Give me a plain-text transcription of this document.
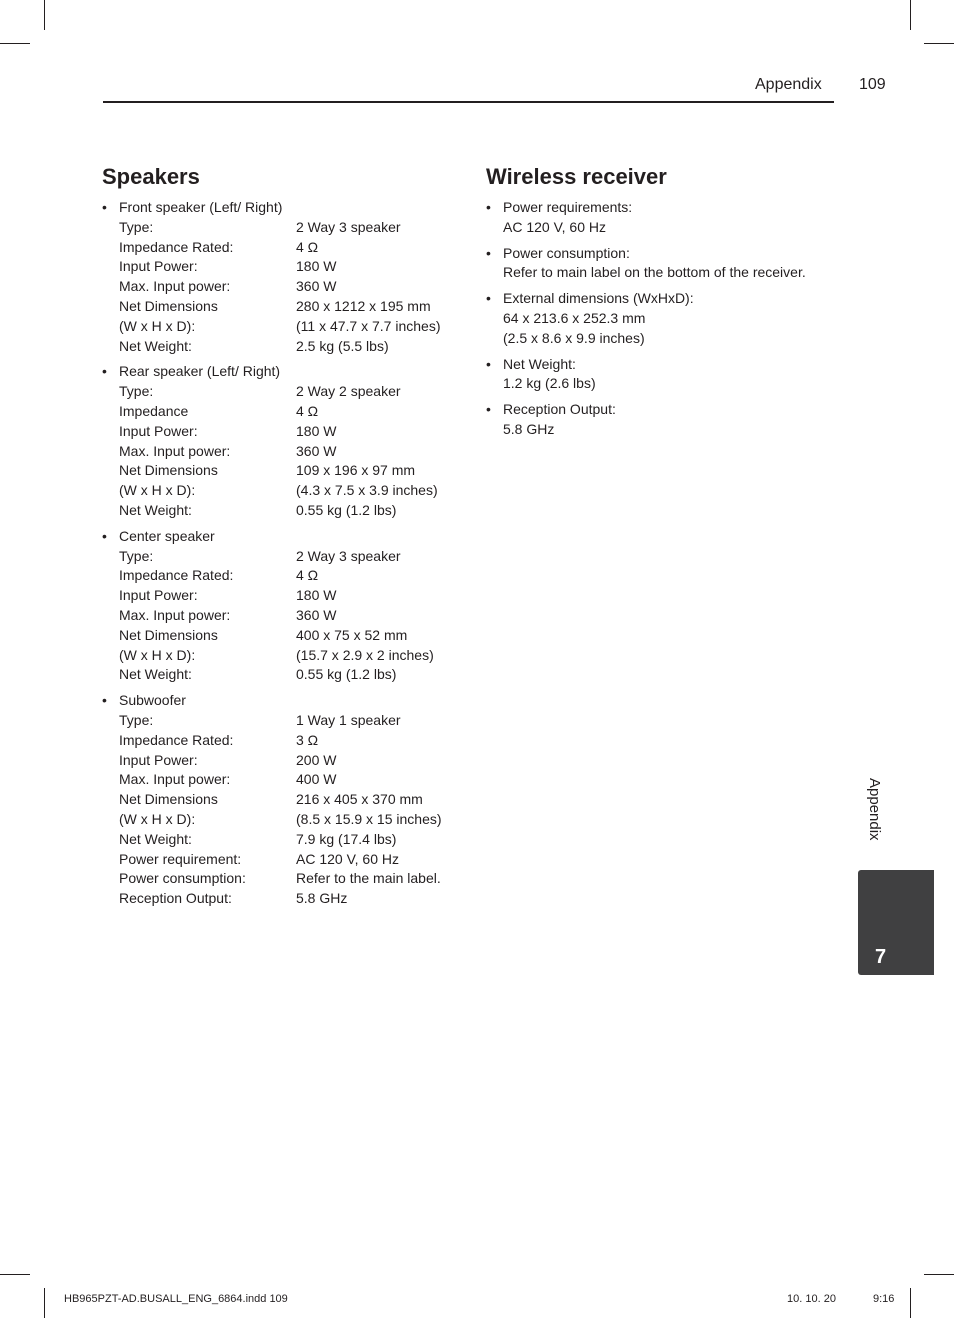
Appendix 109
Speakers
• Front speaker (Left/ Right)
Type:	2 Way 3 speaker
Impedance Rated:	4 Ω
Input Power:	180 W
Max. Input power:	360 W
Net Dimensions	280 x 1212 x 195 mm
(W x H x D):	(11 x 47.7 x 7.7 inches)
Net Weight:	2.5 kg (5.5 lbs)
• Rear speaker (Left/ Right)
Type:	2 Way 2 speaker
Impedance	4 Ω
Input Power:	180 W
Max. Input power:	360 W
Net Dimensions	109 x 196 x 97 mm
(W x H x D):	(4.3 x 7.5 x 3.9 inches)
Net Weight:	0.55 kg (1.2 lbs)
• Center speaker
Type:	2 Way 3 speaker
Impedance Rated:	4 Ω
Input Power:	180 W
Max. Input power:	360 W
Net Dimensions	400 x 75 x 52 mm
(W x H x D):	(15.7 x 2.9 x 2 inches)
Net Weight:	0.55 kg (1.2 lbs)
• Subwoofer
Type:	1 Way 1 speaker
Impedance Rated:	3 Ω
Input Power:	200 W
Max. Input power:	400 W
Net Dimensions	216 x 405 x 370 mm
(W x H x D):	(8.5 x 15.9 x 15 inches)
Net Weight:	7.9 kg (17.4 lbs)
Power requirement:	AC 120 V, 60 Hz
Power consumption:	Refer to the main label.
Reception Output:	5.8 GHz
Wireless receiver
• Power requirements:
AC 120 V, 60 Hz
• Power consumption:
Refer to main label on the bottom of the receiver.
• External dimensions (WxHxD):
64 x 213.6 x 252.3 mm
(2.5 x 8.6 x 9.9 inches)
• Net Weight:
1.2 kg (2.6 lbs)
• Reception Output:
5.8 GHz
Appendix
7
HB965PZT-AD.BUSALL_ENG_6864.indd 109	10. 10. 20	9:16
